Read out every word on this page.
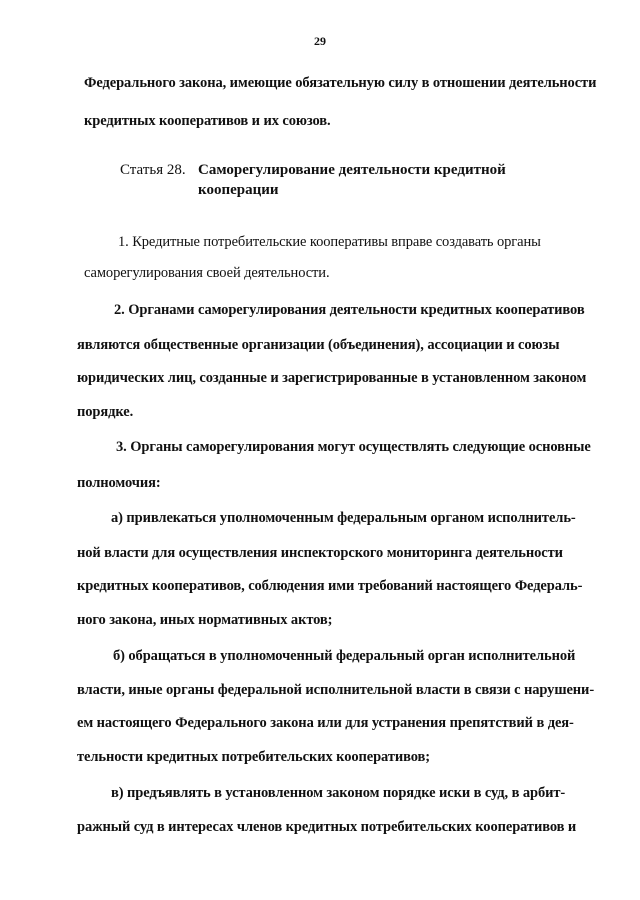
29
Федерального закона, имеющие обязательную силу в отношении деятельности
кредитных кооперативов и их союзов.
Статья 28. Саморегулирование деятельности кредитной
кооперации
1. Кредитные потребительские кооперативы вправе создавать органы
саморегулирования своей деятельности.
2. Органами саморегулирования деятельности кредитных кооперативов
являются общественные организации (объединения), ассоциации и союзы
юридических лиц, созданные и зарегистрированные в установленном законом
порядке.
3. Органы саморегулирования могут осуществлять следующие основные
полномочия:
а) привлекаться уполномоченным федеральным органом исполнитель-
ной власти для осуществления инспекторского мониторинга деятельности
кредитных кооперативов, соблюдения ими требований настоящего Федераль-
ного закона, иных нормативных актов;
б) обращаться в уполномоченный федеральный орган исполнительной
власти, иные органы федеральной исполнительной власти в связи с нарушени-
ем настоящего Федерального закона или для устранения препятствий в дея-
тельности кредитных потребительских кооперативов;
в) предъявлять в установленном законом порядке иски в суд, в арбит-
ражный суд в интересах членов кредитных потребительских кооперативов и
